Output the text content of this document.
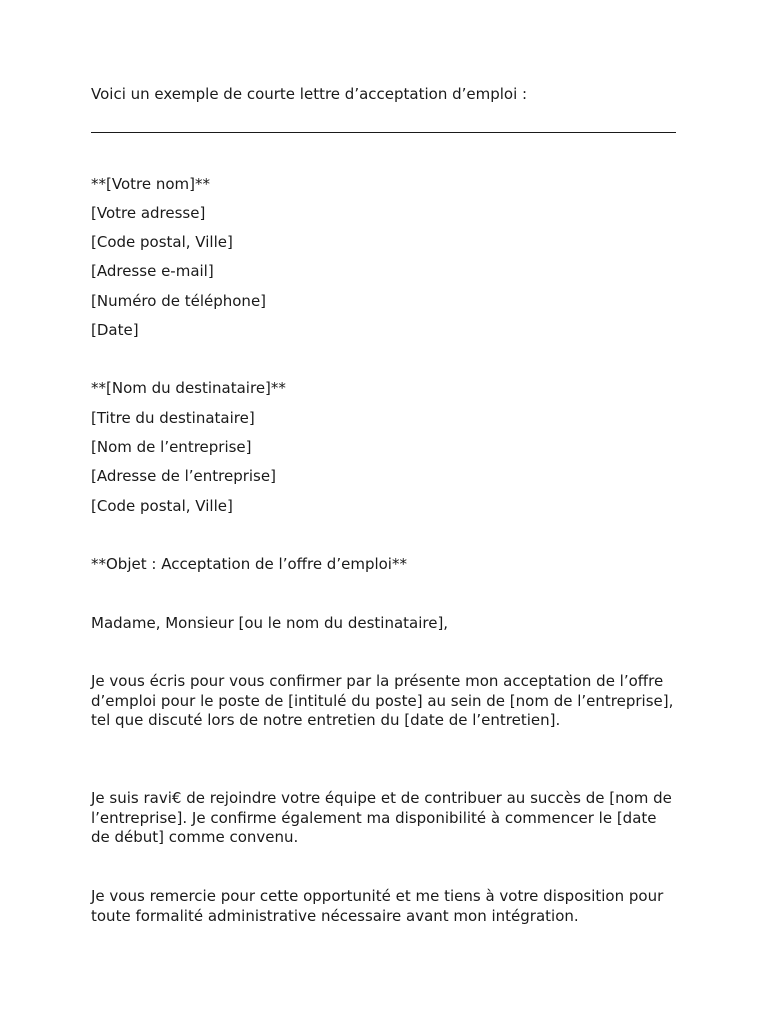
Voici un exemple de courte lettre d’acceptation d’emploi :
**[Votre nom]**
[Votre adresse]
[Code postal, Ville]
[Adresse e-mail]
[Numéro de téléphone]
[Date]
**[Nom du destinataire]**
[Titre du destinataire]
[Nom de l’entreprise]
[Adresse de l’entreprise]
[Code postal, Ville]
**Objet : Acceptation de l’offre d’emploi**
Madame, Monsieur [ou le nom du destinataire],
Je vous écris pour vous confirmer par la présente mon acceptation de l’offre d’emploi pour le poste de [intitulé du poste] au sein de [nom de l’entreprise], tel que discuté lors de notre entretien du [date de l’entretien].
Je suis ravi€ de rejoindre votre équipe et de contribuer au succès de [nom de l’entreprise]. Je confirme également ma disponibilité à commencer le [date de début] comme convenu.
Je vous remercie pour cette opportunité et me tiens à votre disposition pour toute formalité administrative nécessaire avant mon intégration.
